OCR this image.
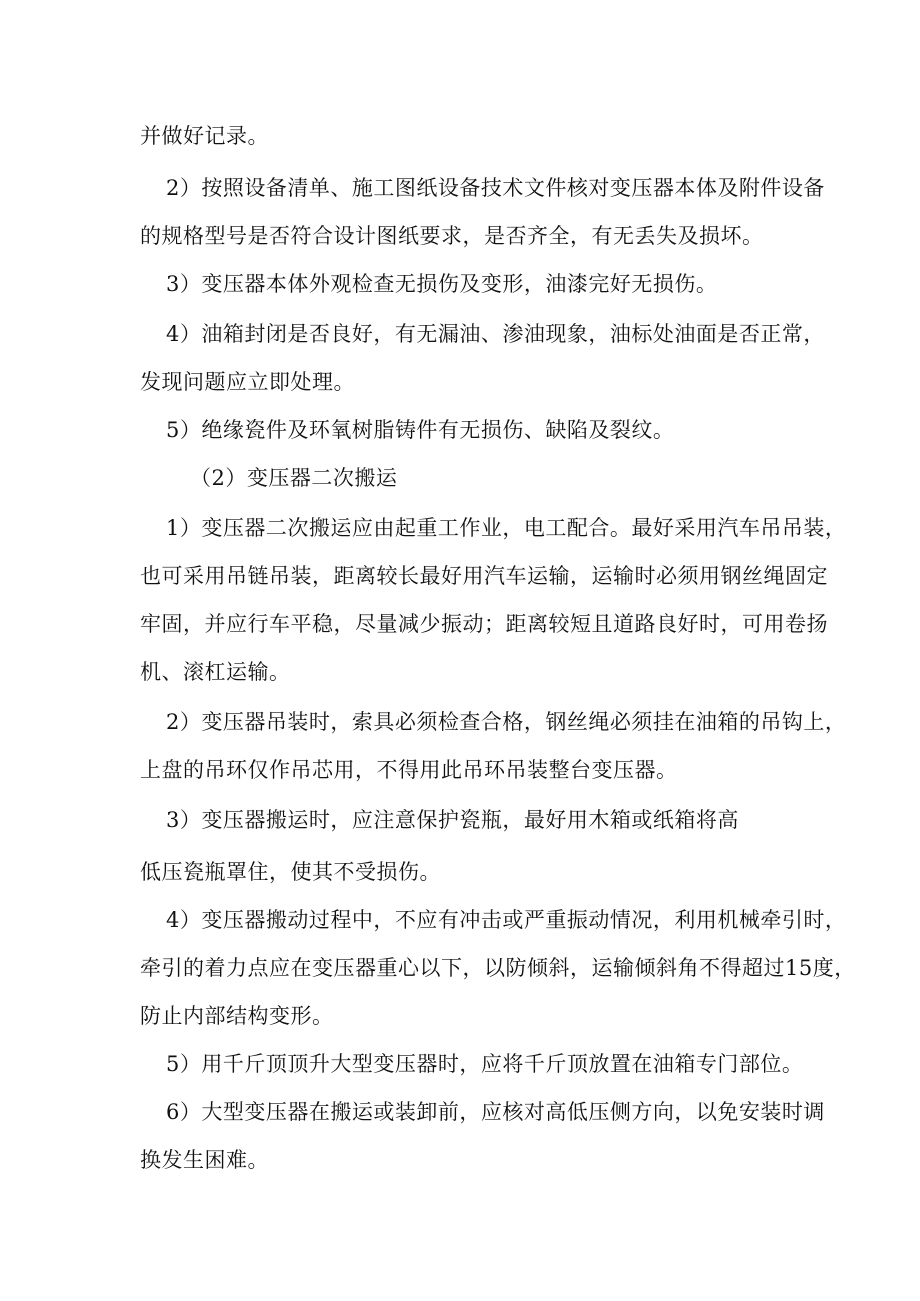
并做好记录。
2）按照设备清单、施工图纸设备技术文件核对变压器本体及附件设备
的规格型号是否符合设计图纸要求，是否齐全，有无丢失及损坏。
3）变压器本体外观检查无损伤及变形，油漆完好无损伤。
4）油箱封闭是否良好，有无漏油、渗油现象，油标处油面是否正常，
发现问题应立即处理。
5）绝缘瓷件及环氧树脂铸件有无损伤、缺陷及裂纹。
（2）变压器二次搬运
1）变压器二次搬运应由起重工作业，电工配合。最好采用汽车吊吊装，
也可采用吊链吊装，距离较长最好用汽车运输，运输时必须用钢丝绳固定
牢固，并应行车平稳，尽量减少振动；距离较短且道路良好时，可用卷扬
机、滚杠运输。
2）变压器吊装时，索具必须检查合格，钢丝绳必须挂在油箱的吊钩上，
上盘的吊环仅作吊芯用，不得用此吊环吊装整台变压器。
3）变压器搬运时，应注意保护瓷瓶，最好用木箱或纸箱将高
低压瓷瓶罩住，使其不受损伤。
4）变压器搬动过程中，不应有冲击或严重振动情况，利用机械牵引时，
牵引的着力点应在变压器重心以下，以防倾斜，运输倾斜角不得超过15度，
防止内部结构变形。
5）用千斤顶顶升大型变压器时，应将千斤顶放置在油箱专门部位。
6）大型变压器在搬运或装卸前，应核对高低压侧方向，以免安装时调
换发生困难。
